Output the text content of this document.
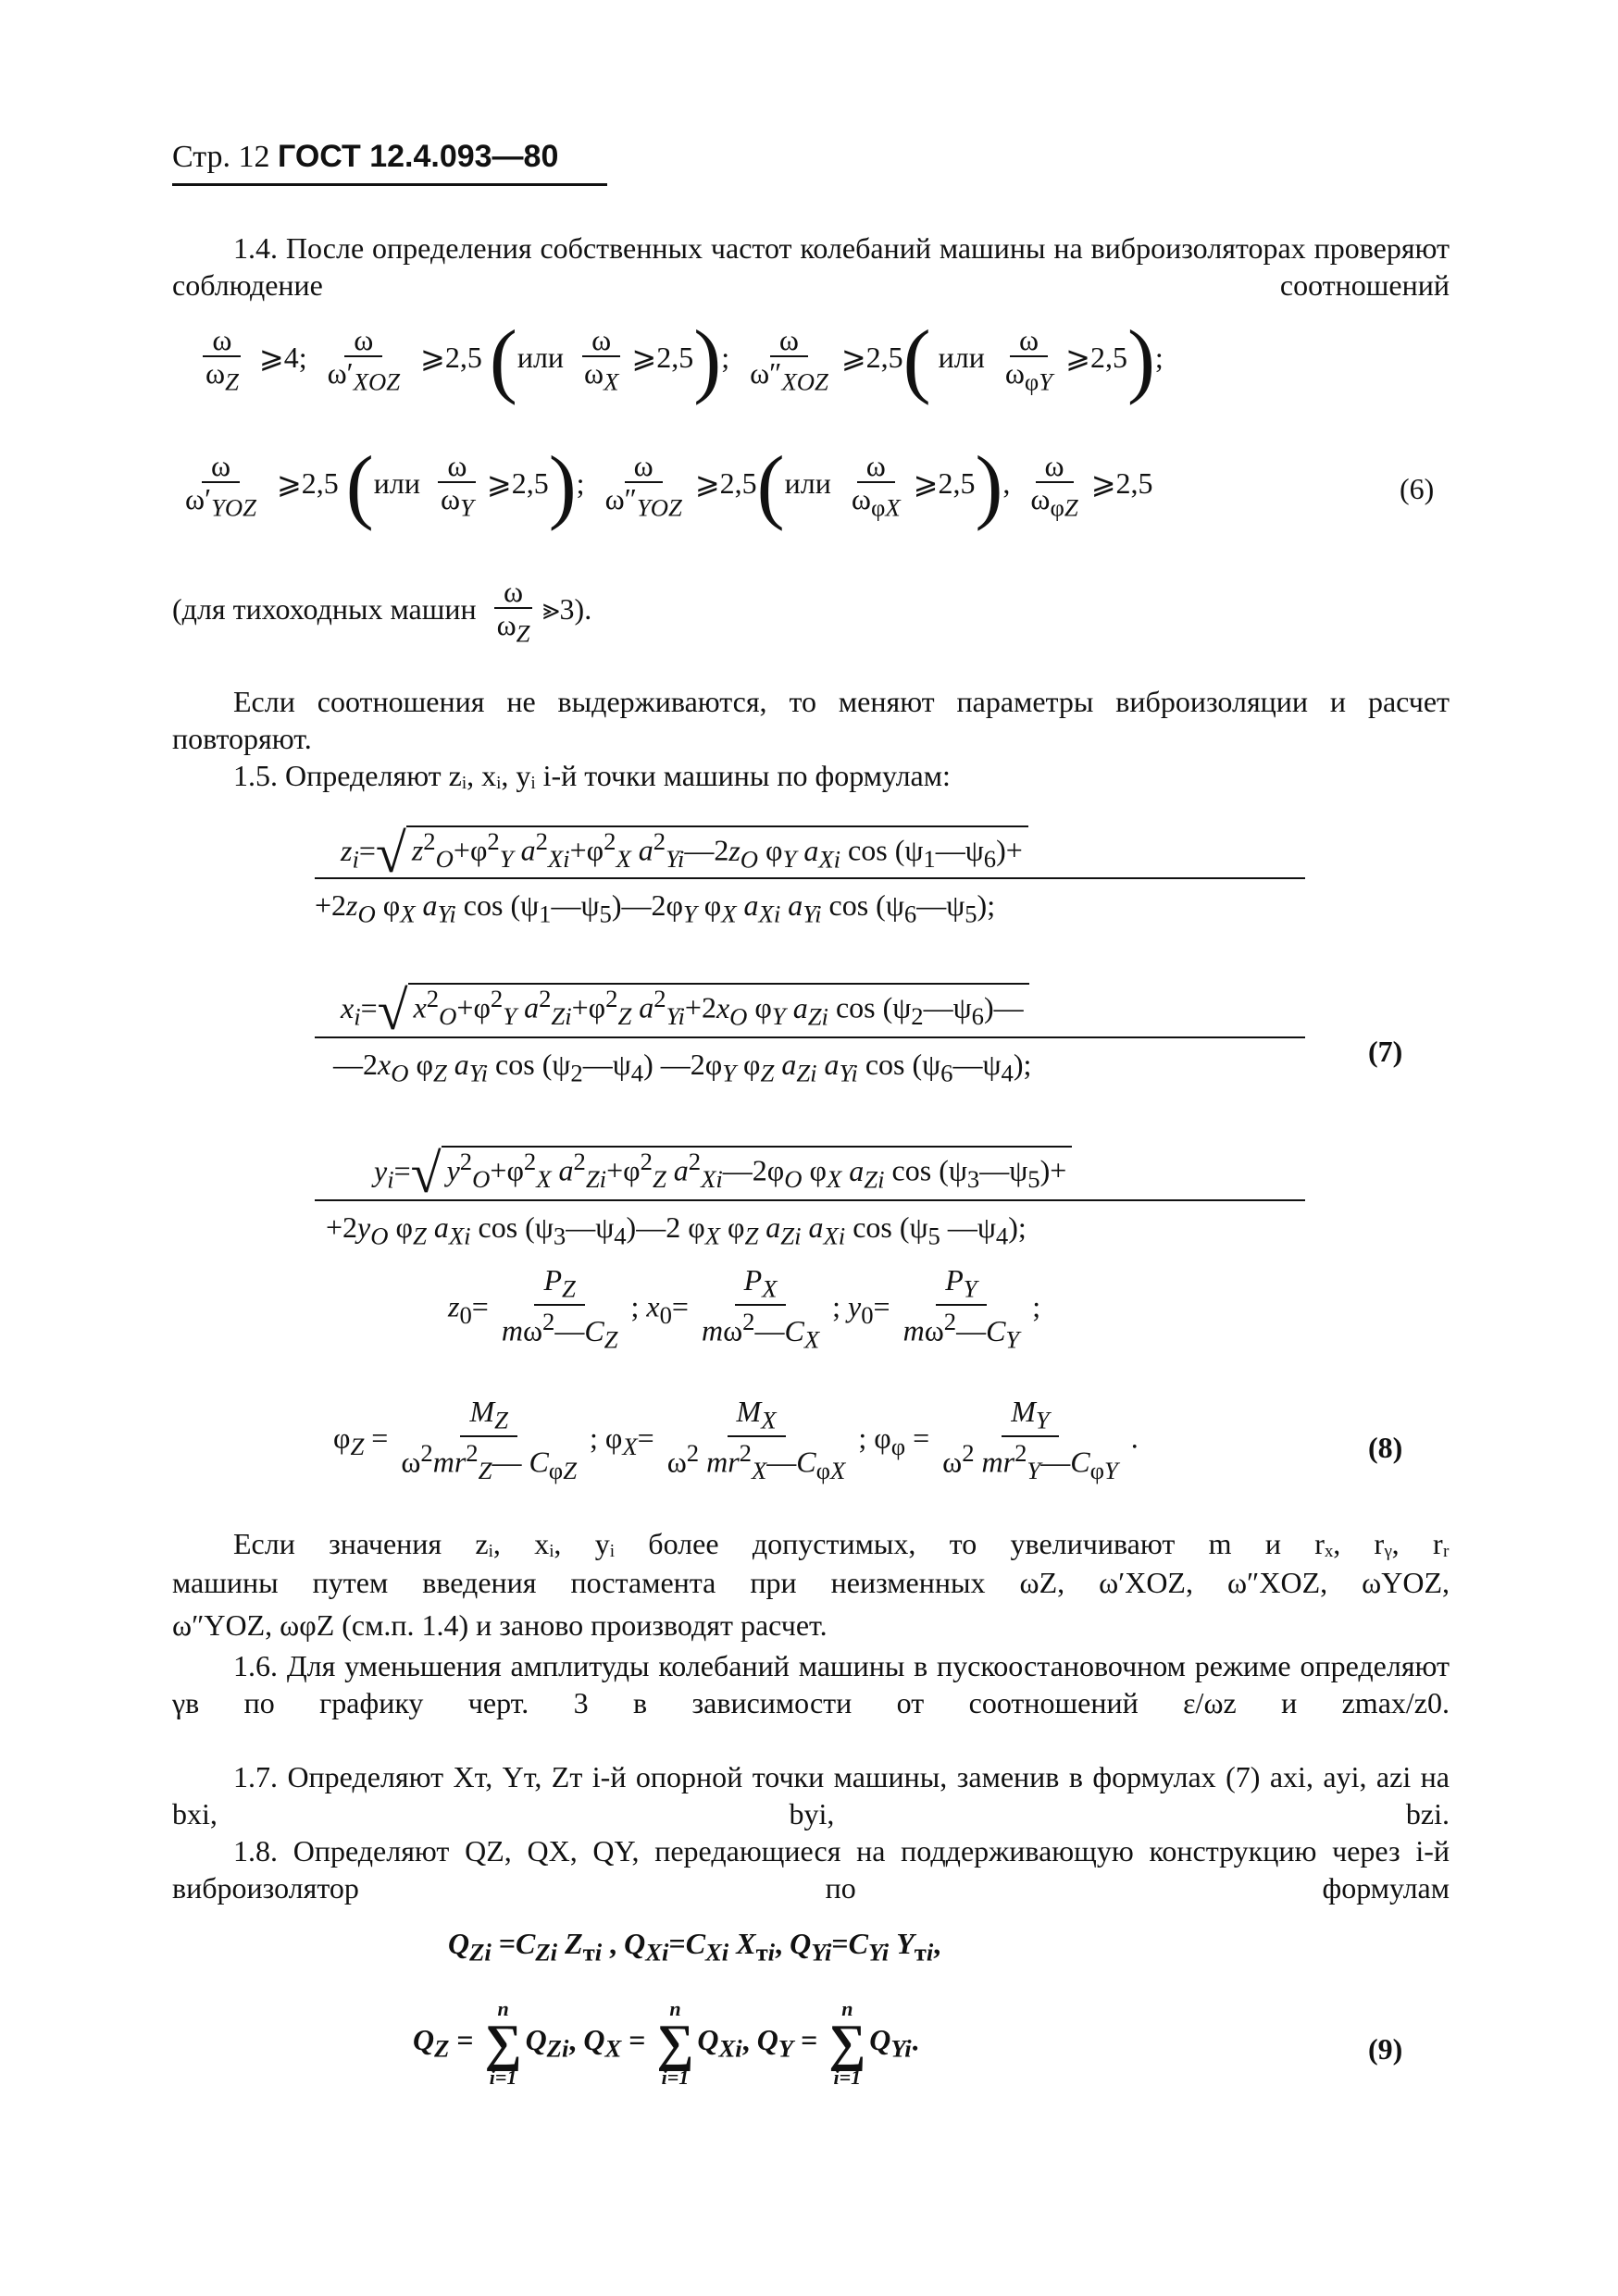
Стр. 12 ГОСТ 12.4.093—80
1.4. После определения собственных частот колебаний машины на виброизоляторах проверяют соблюдение соотношений
$\frac{\omega}{\omega_Z}$ ⩾4; $\frac{\omega}{\omega'_{XOZ}}$ ⩾2,5 ($или \frac{\omega}{\omega_X}$ ⩾2,5); $\frac{\omega}{\omega''_{XOZ}}$ ⩾2,5( или $\frac{\omega}{\omega_{\varphi Y}}$ ⩾2,5);
$\frac{\omega}{\omega'_{YOZ}}$ ⩾2,5 ($или \frac{\omega}{\omega_Y}$ ⩾2,5); $\frac{\omega}{\omega''_{YOZ}}$ ⩾2,5(или $\frac{\omega}{\omega_{\varphi X}}$ ⩾2,5), $\frac{\omega}{\omega_{\varphi Z}}$ ⩾2,5	(6)
(для тихоходных машин $\frac{\omega}{\omega_Z}$ ⪢3).
Если соотношения не выдерживаются, то меняют параметры виброизоляции и расчет повторяют.
1.5. Определяют zᵢ, xᵢ, yᵢ i-й точки машины по формулам:
$z_i=√$ $z^2_O+\varphi^2_Y$ $a^2_{Xi}+\varphi^2_X$ $a^2_{Yi}—2z_O$ $\varphi_Y$ $a_{Xi}$ $\cos (\psi_1—\psi_6)+$
$+2z_O$ $\varphi_X$ $a_{Yi}$ $\cos (\psi_1—\psi_5)—2\varphi_Y$ $\varphi_X$ $a_{Xi}$ $a_{Yi}$ $\cos (\psi_6—\psi_5)$;
$x_i=√$ $x^2_O+\varphi^2_Y$ $a^2_{Zi}+\varphi^2_Z$ $a^2_{Yi}+2x_O$ $\varphi_Y$ $a_{Zi}$ $\cos (\psi_2—\psi_6)—$
$—2x_O$ $\varphi_Z$ $a_{Yi}$ $\cos (\psi_2—\psi_4)$ $—2\varphi_Y$ $\varphi_Z$ $a_{Zi}$ $a_{Yi}$ $\cos (\psi_6—\psi_4)$;	(7)
$y_i=√$ $y^2_O+\varphi^2_X$ $a^2_{Zi}+\varphi^2_Z$ $a^2_{Xi}—2\varphi_O$ $\varphi_X$ $a_{Zi}$ $\cos (\psi_3—\psi_5)+$
$+2y_O$ $\varphi_Z$ $a_{Xi}$ $\cos (\psi_3—\psi_4)—2$ $\varphi_X$ $\varphi_Z$ $a_{Zi}$ $a_{Xi}$ $\cos (\psi_5$ $—\psi_4$);
$z_0= \frac{P_Z}{m\omega^2—C_Z}$ ; $x_0= \frac{P_X}{m\omega^2—C_X}$ ; $y_0= \frac{P_Y}{m\omega^2—C_Y}$ ;
$\varphi_Z = \frac{M_Z}{\omega^2mr^2_Z— C_{\varphi Z}}$ ; $\varphi_X= \frac{M_X}{\omega^2 mr^2_X—C_{\varphi X}}$ ; $\varphi_\varphi = \frac{M_Y}{\omega^2 mr^2_Y—C_{\varphi Y}}$ .	(8)
Если значения zᵢ, xᵢ, yᵢ более допустимых, то увеличивают m и rₓ, rᵧ, rᵣ
машины путем введения постамента при неизменных ωZ, ω′XOZ, ω″XOZ, ωYOZ,
ω″YOZ, ωφZ (см.п. 1.4) и заново производят расчет.
1.6. Для уменьшения амплитуды колебаний машины в пускоостановочном режиме определяют γв по графику черт. 3 в зависимости от соотношений ε/ωz и zmax/z0.
1.7. Определяют Xт, Yт, Zт i-й опорной точки машины, заменив в формулах (7) axi, ayi, azi на bxi, byi, bzi.
1.8. Определяют QZ, QX, QY, передающиеся на поддерживающую конструкцию через i-й виброизолятор по формулам
$Q_{Zi} =C_{Zi}$ $Z_{тi}$ , $Q_{Xi}=C_{Xi}$ $X_{тi}$, $Q_{Yi}=C_{Yi}$ $Y_{тi}$,
$Q_Z$ =
n
∑
i=1
$Q_{Zi}$, $Q_X$ =
n
∑
i=1
$Q_{Xi}$, $Q_Y$ =
n
∑
i=1
$Q_{Yi}$.	(9)
